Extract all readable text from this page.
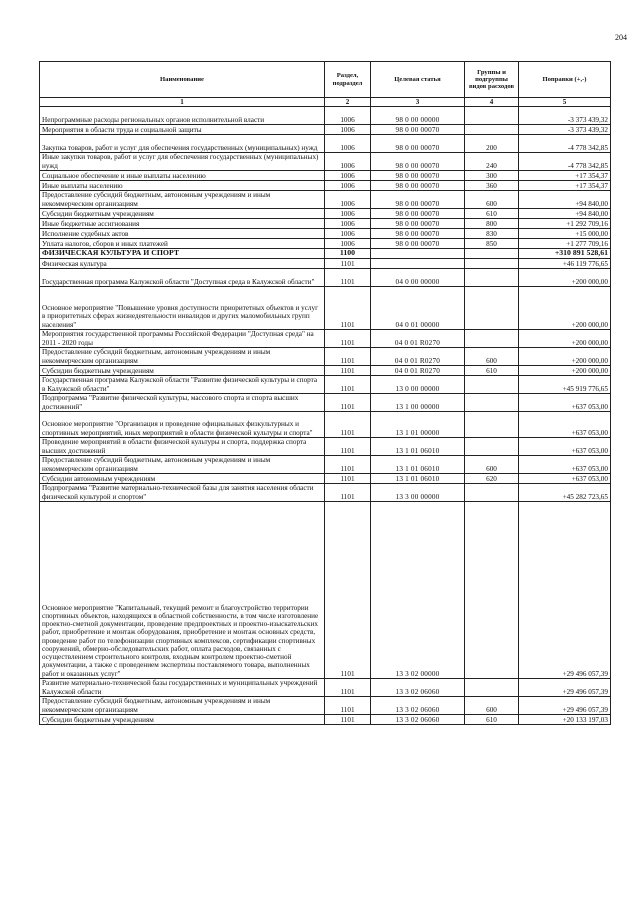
204
Наименование	Раздел, подраздел	Целевая статья	Группы и подгруппы видов расходов	Поправки (+,-)
1	2	3	4	5
Непрограммные расходы региональных органов исполнительной власти	1006	98 0 00 00000		-3 373 439,32
Мероприятия в области труда и социальной защиты	1006	98 0 00 00070		-3 373 439,32
Закупка товаров, работ и услуг для обеспечения государственных (муниципальных) нужд	1006	98 0 00 00070	200	-4 778 342,85
Иные закупки товаров, работ и услуг для обеспечения государственных (муниципальных) нужд	1006	98 0 00 00070	240	-4 778 342,85
Социальное обеспечение и иные выплаты населению	1006	98 0 00 00070	300	+17 354,37
Иные выплаты населению	1006	98 0 00 00070	360	+17 354,37
Предоставление субсидий бюджетным, автономным учреждениям и иным некоммерческим организациям	1006	98 0 00 00070	600	+94 840,00
Субсидии бюджетным учреждениям	1006	98 0 00 00070	610	+94 840,00
Иные бюджетные ассигнования	1006	98 0 00 00070	800	+1 292 709,16
Исполнение судебных актов	1006	98 0 00 00070	830	+15 000,00
Уплата налогов, сборов и иных платежей	1006	98 0 00 00070	850	+1 277 709,16
ФИЗИЧЕСКАЯ КУЛЬТУРА И СПОРТ	1100			+310 891 528,61
Физическая культура	1101			+46 119 776,65
Государственная программа Калужской области "Доступная среда в Калужской области"	1101	04 0 00 00000		+200 000,00
Основное мероприятие "Повышение уровня доступности приоритетных объектов и услуг в приоритетных сферах жизнедеятельности инвалидов и других маломобильных групп населения"	1101	04 0 01 00000		+200 000,00
Мероприятия государственной программы Российской Федерации "Доступная среда" на 2011 - 2020 годы	1101	04 0 01 R0270		+200 000,00
Предоставление субсидий бюджетным, автономным учреждениям и иным некоммерческим организациям	1101	04 0 01 R0270	600	+200 000,00
Субсидии бюджетным учреждениям	1101	04 0 01 R0270	610	+200 000,00
Государственная программа Калужской области "Развитие физической культуры и спорта в Калужской области"	1101	13 0 00 00000		+45 919 776,65
Подпрограмма "Развитие физической культуры, массового спорта и спорта высших достижений"	1101	13 1 00 00000		+637 053,00
Основное мероприятие "Организация и проведение официальных физкультурных и спортивных мероприятий, иных мероприятий в области физической культуры и спорта"	1101	13 1 01 00000		+637 053,00
Проведение мероприятий в области физической культуры и спорта, поддержка спорта высших достижений	1101	13 1 01 06010		+637 053,00
Предоставление субсидий бюджетным, автономным учреждениям и иным некоммерческим организациям	1101	13 1 01 06010	600	+637 053,00
Субсидии автономным учреждениям	1101	13 1 01 06010	620	+637 053,00
Подпрограмма "Развитие материально-технической базы для занятия населения области физической культурой и спортом"	1101	13 3 00 00000		+45 282 723,65
Основное мероприятие "Капитальный, текущий ремонт и благоустройство территории спортивных объектов, находящихся в областной собственности, в том числе изготовление проектно-сметной документации, проведение предпроектных и проектно-изыскательских работ, приобретение и монтаж оборудования, приобретение и монтаж основных средств, проведение работ по телефонизации спортивных комплексов, сертификации спортивных сооружений, обмерно-обследовательских работ, оплата расходов, связанных с осуществлением строительного контроля, входным контролем проектно-сметной документации, а также с проведением экспертизы поставляемого товара, выполненных работ и оказанных услуг"	1101	13 3 02 00000		+29 496 057,39
Развитие материально-технической базы государственных и муниципальных учреждений Калужской области	1101	13 3 02 06060		+29 496 057,39
Предоставление субсидий бюджетным, автономным учреждениям и иным некоммерческим организациям	1101	13 3 02 06060	600	+29 496 057,39
Субсидии бюджетным учреждениям	1101	13 3 02 06060	610	+20 133 197,03
